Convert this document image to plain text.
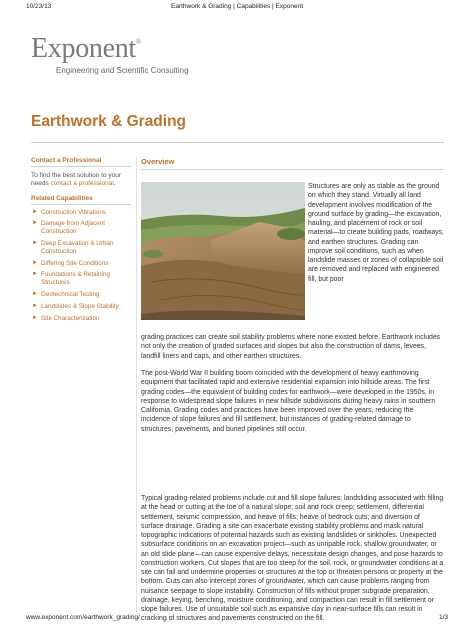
10/23/13	Earthwork & Grading | Capabilities | Exponent
Exponent®
Engineering and Scientific Consulting
Earthwork & Grading
Contact a Professional

To find the best solution to your needs contact a professional.

Related Capabilities
► Construction Vibrations
► Damage from Adjacent Construction
► Deep Excavation & Urban Construction
► Differing Site Conditions
► Foundations & Retaining Structures
► Geotechnical Testing
► Landslides & Slope Stability
► Site Characterization
Overview

Structures are only as stable as the ground on which they stand. Virtually all land development involves modification of the ground surface by grading—the excavation, hauling, and placement of rock or soil material—to create building pads, roadways, and earthen structures. Grading can improve soil conditions, such as when landslide masses or zones of collapsible soil are removed and replaced with engineered fill, but poor

grading practices can create soil stability problems where none existed before. Earthwork includes not only the creation of graded surfaces and slopes but also the construction of dams, levees, landfill liners and caps, and other earthen structures.

The post-World War II building boom coincided with the development of heavy earthmoving equipment that facilitated rapid and extensive residential expansion into hillside areas. The first grading codes—the equivalent of building codes for earthwork—were developed in the 1950s, in response to widespread slope failures in new hillside subdivisions during heavy rains in southern California. Grading codes and practices have been improved over the years, reducing the incidence of slope failures and fill settlement, but instances of grading-related damage to structures, pavements, and buried pipelines still occur.

Typical grading-related problems include cut and fill slope failures; landsliding associated with filling at the head or cutting at the toe of a natural slope; soil and rock creep; settlement, differential settlement, seismic compression, and heave of fills; heave of bedrock cuts; and diversion of surface drainage. Grading a site can exacerbate existing stability problems and mask natural topographic indications of potential hazards such as existing landslides or sinkholes. Unexpected subsurface conditions on an excavation project—such as unripable rock, shallow groundwater, or an old slide plane—can cause expensive delays, necessitate design changes, and pose hazards to construction workers. Cut slopes that are too steep for the soil, rock, or groundwater conditions at a site can fail and undermine properties or structures at the top or threaten persons or property at the bottom. Cuts can also intercept zones of groundwater, which can cause problems ranging from nuisance seepage to slope instability. Construction of fills without proper subgrade preparation, drainage, keying, benching, moisture conditioning, and compaction can result in fill settlement or slope failures. Use of unsuitable soil such as expansive clay in near-surface fills can result in cracking of structures and pavements constructed on the fill.

www.exponent.com/earthwork_grading/	1/3
